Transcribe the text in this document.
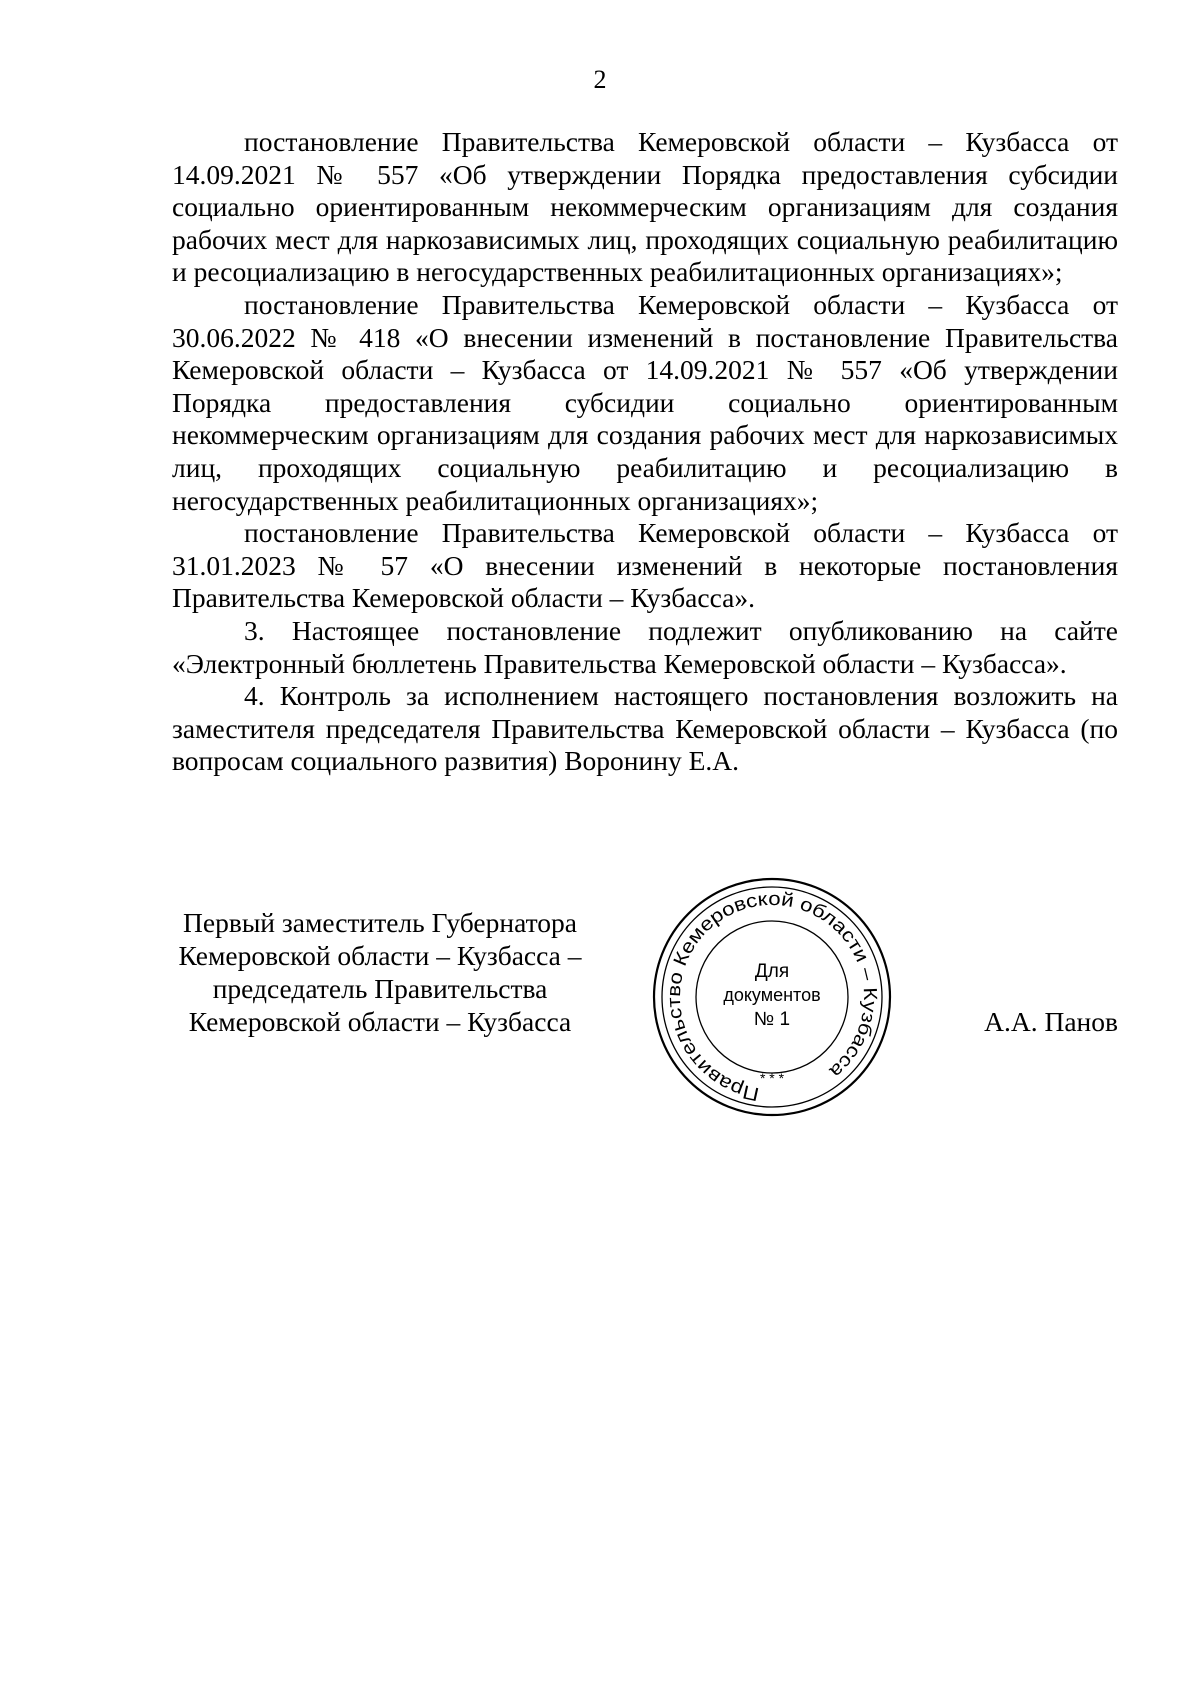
2

постановление Правительства Кемеровской области – Кузбасса от 14.09.2021 № 557 «Об утверждении Порядка предоставления субсидии социально ориентированным некоммерческим организациям для создания рабочих мест для наркозависимых лиц, проходящих социальную реабилитацию и ресоциализацию в негосударственных реабилитационных организациях»;

постановление Правительства Кемеровской области – Кузбасса от 30.06.2022 № 418 «О внесении изменений в постановление Правительства Кемеровской области – Кузбасса от 14.09.2021 № 557 «Об утверждении Порядка предоставления субсидии социально ориентированным некоммерческим организациям для создания рабочих мест для наркозависимых лиц, проходящих социальную реабилитацию и ресоциализацию в негосударственных реабилитационных организациях»;

постановление Правительства Кемеровской области – Кузбасса от 31.01.2023 № 57 «О внесении изменений в некоторые постановления Правительства Кемеровской области – Кузбасса».

3. Настоящее постановление подлежит опубликованию на сайте «Электронный бюллетень Правительства Кемеровской области – Кузбасса».

4. Контроль за исполнением настоящего постановления возложить на заместителя председателя Правительства Кемеровской области – Кузбасса (по вопросам социального развития) Воронину Е.А.

Первый заместитель Губернатора
Кемеровской области – Кузбасса –
председатель Правительства
Кемеровской области – Кузбасса	А.А. Панов
Правительство Кемеровской области – Кузбасса
Для
документов
№ 1
* * *
